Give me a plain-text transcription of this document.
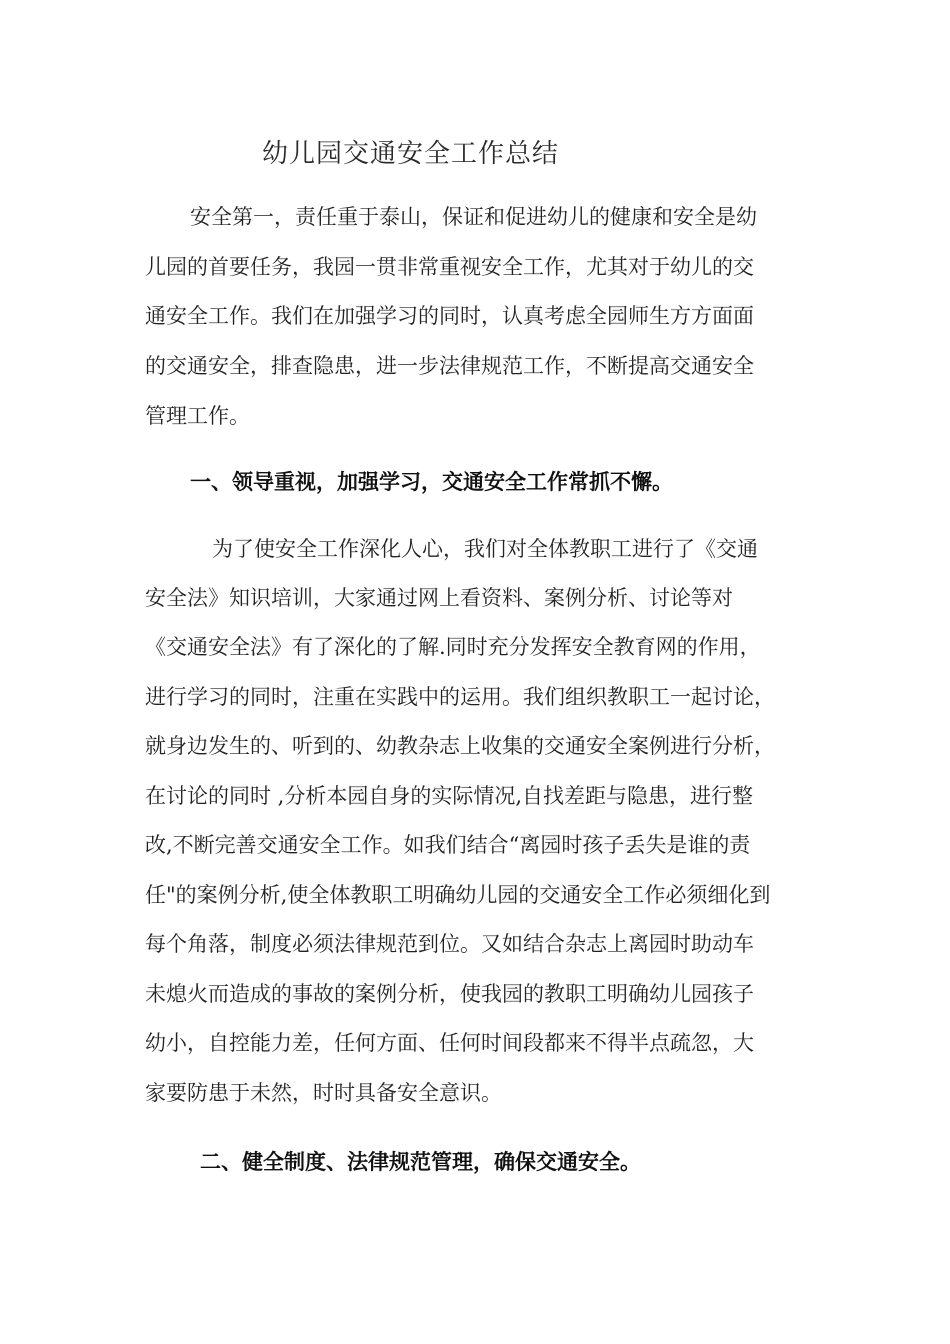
幼儿园交通安全工作总结
安全第一，责任重于泰山，保证和促进幼儿的健康和安全是幼
儿园的首要任务，我园一贯非常重视安全工作，尤其对于幼儿的交
通安全工作。我们在加强学习的同时，认真考虑全园师生方方面面
的交通安全，排查隐患，进一步法律规范工作，不断提高交通安全
管理工作。
一、领导重视，加强学习，交通安全工作常抓不懈。
为了使安全工作深化人心，我们对全体教职工进行了《交通
安全法》知识培训，大家通过网上看资料、案例分析、讨论等对
《交通安全法》有了深化的了解.同时充分发挥安全教育网的作用，
进行学习的同时，注重在实践中的运用。我们组织教职工一起讨论，
就身边发生的、听到的、幼教杂志上收集的交通安全案例进行分析，
在讨论的同时 ,分析本园自身的实际情况,自找差距与隐患，进行整
改,不断完善交通安全工作。如我们结合“离园时孩子丢失是谁的责
任"的案例分析,使全体教职工明确幼儿园的交通安全工作必须细化到
每个角落，制度必须法律规范到位。又如结合杂志上离园时助动车
未熄火而造成的事故的案例分析，使我园的教职工明确幼儿园孩子
幼小，自控能力差，任何方面、任何时间段都来不得半点疏忽，大
家要防患于未然，时时具备安全意识。
二、健全制度、法律规范管理，确保交通安全。
